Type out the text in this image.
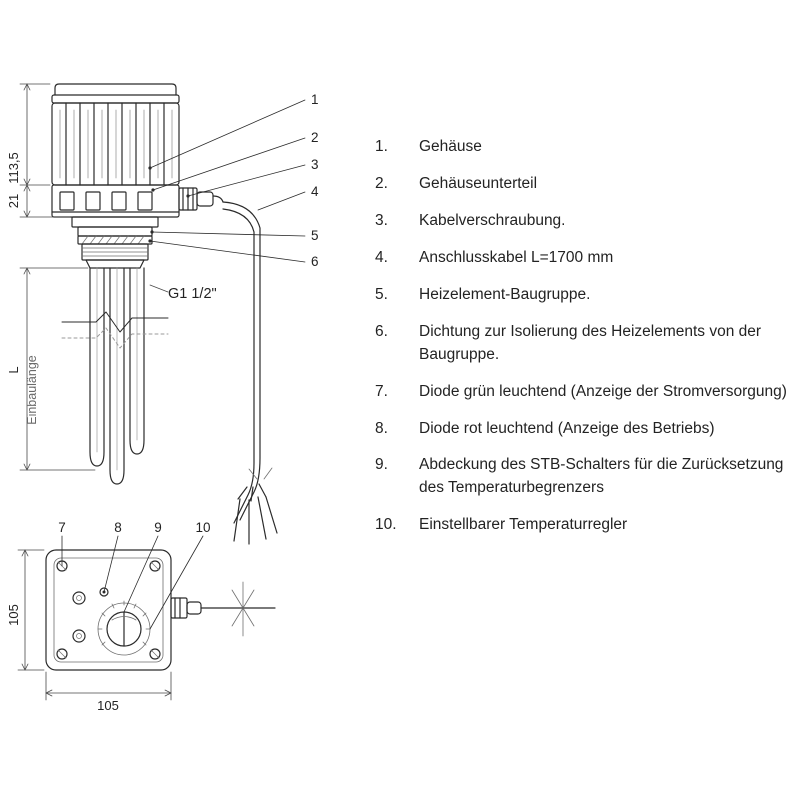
113,5
21
L Einbaulänge
G1 1/2"
105
105
1
2
3
4
5
6
7	8 9 10
1.	Gehäuse
2.	Gehäuseunterteil
3.	Kabelverschraubung.
4.	Anschlusskabel L=1700 mm
5.	Heizelement-Baugruppe.
6.	Dichtung zur Isolierung des Heizelements von der Baugruppe.
7.	Diode grün leuchtend (Anzeige der Stromversorgung)
8.	Diode rot leuchtend (Anzeige des Betriebs)
9.	Abdeckung des STB-Schalters für die Zurücksetzung des Temperaturbegrenzers
10.	Einstellbarer Temperaturregler
